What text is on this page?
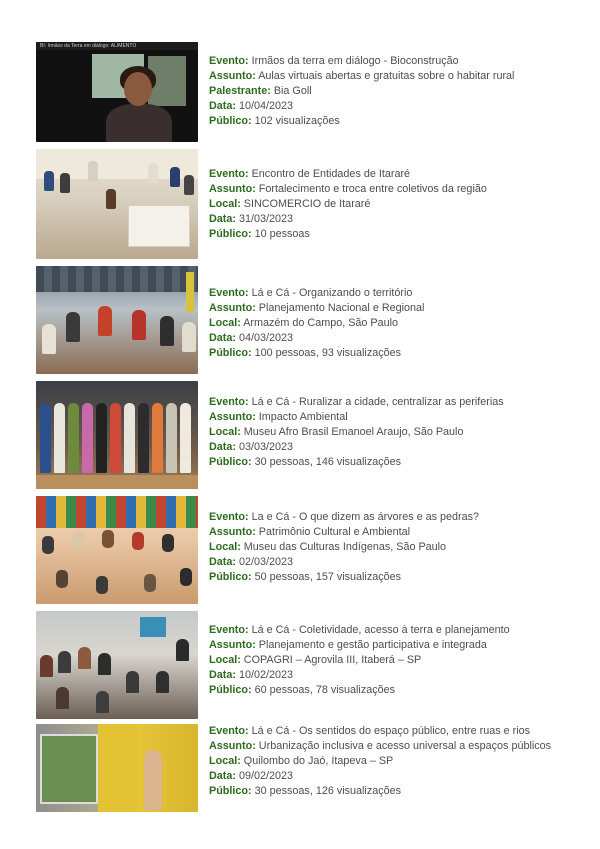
BI: Irmãos da Terra em diálogo: ALIMENTO
Evento: Irmãos da terra em diálogo - Bioconstrução
Assunto: Aulas virtuais abertas e gratuitas sobre o habitar rural
Palestrante: Bia Goll
Data: 10/04/2023
Público: 102 visualizações
Evento: Encontro de Entidades de Itararé
Assunto: Fortalecimento e troca entre coletivos da região
Local: SINCOMERCIO de Itararé
Data: 31/03/2023
Público: 10 pessoas
Evento: Lá e Cá - Organizando o território
Assunto: Planejamento Nacional e Regional
Local: Armazém do Campo, São Paulo
Data: 04/03/2023
Público: 100 pessoas, 93 visualizações
Evento: Lá e Cá - Ruralizar a cidade, centralizar as periferias
Assunto: Impacto Ambiental
Local: Museu Afro Brasil Emanoel Araujo, São Paulo
Data: 03/03/2023
Público: 30 pessoas, 146 visualizações
Evento: La e Cá - O que dizem as árvores e as pedras?
Assunto: Patrimônio Cultural e Ambiental
Local: Museu das Culturas Indígenas, São Paulo
Data: 02/03/2023
Público: 50 pessoas, 157 visualizações
Evento: Lá e Cá - Coletividade, acesso à terra e planejamento
Assunto: Planejamento e gestão participativa e integrada
Local: COPAGRI – Agrovila III, Itaberá – SP
Data: 10/02/2023
Público: 60 pessoas, 78 visualizações
Evento: Lá e Cá - Os sentidos do espaço público, entre ruas e rios
Assunto: Urbanização inclusiva e acesso universal a espaços públicos
Local: Quilombo do Jaó, Itapeva – SP
Data: 09/02/2023
Público: 30 pessoas, 126 visualizações
